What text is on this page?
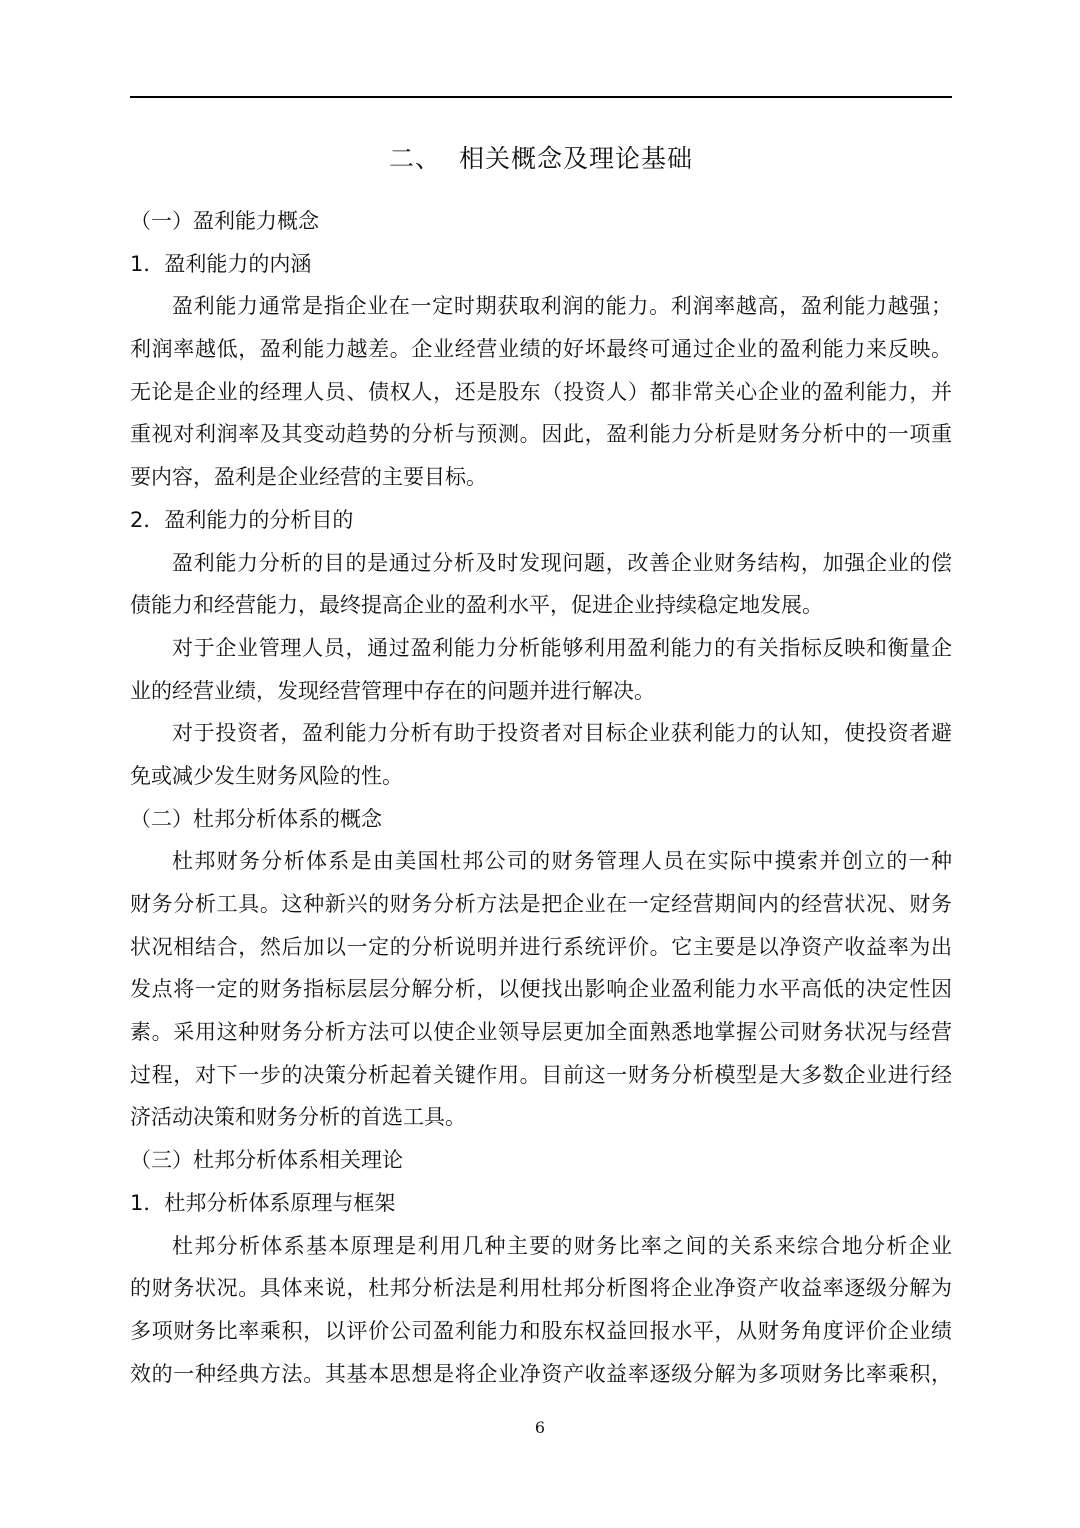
二、  相关概念及理论基础
（一）盈利能力概念
1．盈利能力的内涵
盈利能力通常是指企业在一定时期获取利润的能力。利润率越高，盈利能力越强；
利润率越低，盈利能力越差。企业经营业绩的好坏最终可通过企业的盈利能力来反映。
无论是企业的经理人员、债权人，还是股东（投资人）都非常关心企业的盈利能力，并
重视对利润率及其变动趋势的分析与预测。因此，盈利能力分析是财务分析中的一项重
要内容，盈利是企业经营的主要目标。
2．盈利能力的分析目的
盈利能力分析的目的是通过分析及时发现问题，改善企业财务结构，加强企业的偿
债能力和经营能力，最终提高企业的盈利水平，促进企业持续稳定地发展。
对于企业管理人员，通过盈利能力分析能够利用盈利能力的有关指标反映和衡量企
业的经营业绩，发现经营管理中存在的问题并进行解决。
对于投资者，盈利能力分析有助于投资者对目标企业获利能力的认知，使投资者避
免或减少发生财务风险的性。
（二）杜邦分析体系的概念
杜邦财务分析体系是由美国杜邦公司的财务管理人员在实际中摸索并创立的一种
财务分析工具。这种新兴的财务分析方法是把企业在一定经营期间内的经营状况、财务
状况相结合，然后加以一定的分析说明并进行系统评价。它主要是以净资产收益率为出
发点将一定的财务指标层层分解分析，以便找出影响企业盈利能力水平高低的决定性因
素。采用这种财务分析方法可以使企业领导层更加全面熟悉地掌握公司财务状况与经营
过程，对下一步的决策分析起着关键作用。目前这一财务分析模型是大多数企业进行经
济活动决策和财务分析的首选工具。
（三）杜邦分析体系相关理论
1．杜邦分析体系原理与框架
杜邦分析体系基本原理是利用几种主要的财务比率之间的关系来综合地分析企业
的财务状况。具体来说，杜邦分析法是利用杜邦分析图将企业净资产收益率逐级分解为
多项财务比率乘积，以评价公司盈利能力和股东权益回报水平，从财务角度评价企业绩
效的一种经典方法。其基本思想是将企业净资产收益率逐级分解为多项财务比率乘积，
6
